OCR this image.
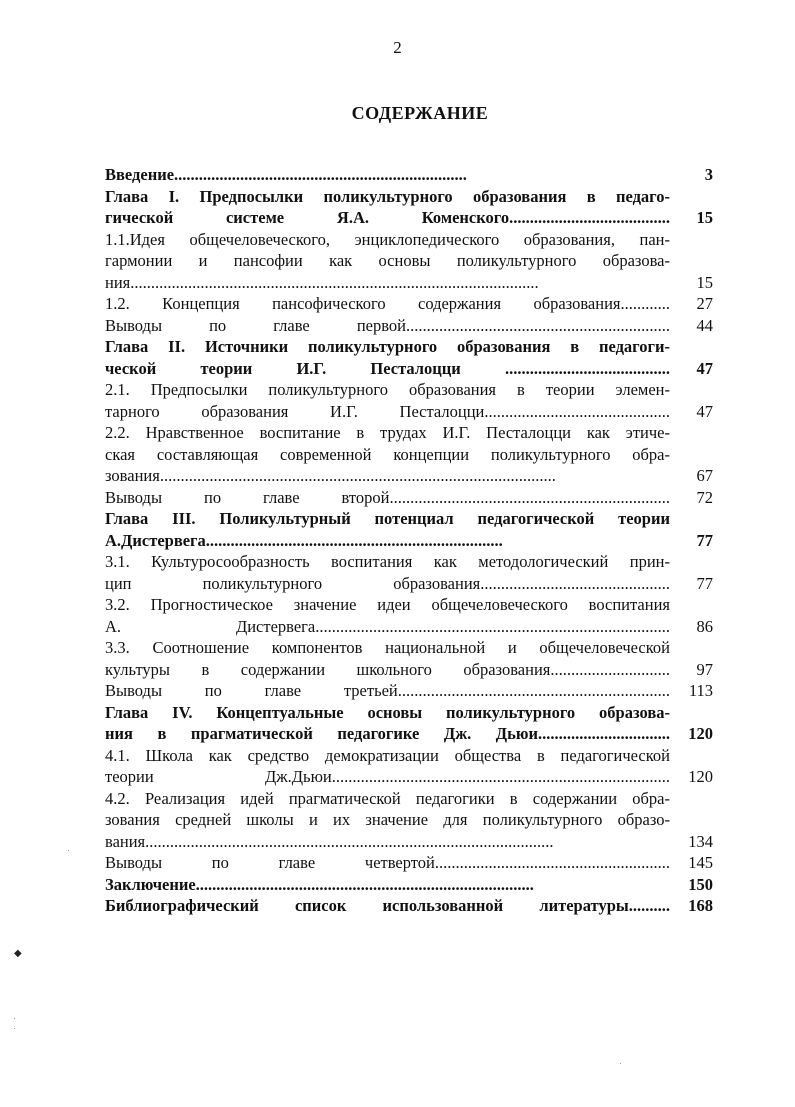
2
СОДЕРЖАНИЕ
Введение.......................................................................	3
Глава I. Предпосылки поликультурного образования в педаго-
гической системе Я.А. Коменского.......................................	15
1.1.Идея общечеловеческого, энциклопедического образования, пан-
гармонии и пансофии как основы поликультурного образова-
ния...................................................................................................	15
1.2. Концепция пансофического содержания образования............	27
Выводы по главе первой................................................................	44
Глава II. Источники поликультурного образования в педагоги-
ческой теории И.Г. Песталоцци ........................................	47
2.1. Предпосылки поликультурного образования в теории элемен-
тарного образования И.Г. Песталоцци.............................................	47
2.2. Нравственное воспитание в трудах И.Г. Песталоцци как этиче-
ская составляющая современной концепции поликультурного обра-
зования................................................................................................	67
Выводы по главе второй....................................................................	72
Глава III. Поликультурный потенциал педагогической теории
А.Дистервега........................................................................	77
3.1. Культуросообразность воспитания как методологический прин-
цип поликультурного образования..............................................	77
3.2. Прогностическое значение идеи общечеловеческого воспитания
А. Дистервега......................................................................................	86
3.3. Соотношение компонентов национальной и общечеловеческой
культуры в содержании школьного образования.............................	97
Выводы по главе третьей..................................................................	113
Глава IV. Концептуальные основы поликультурного образова-
ния в прагматической педагогике Дж. Дьюи................................	120
4.1. Школа как средство демократизации общества в педагогической
теории Дж.Дьюи..................................................................................	120
4.2. Реализация идей прагматической педагогики в содержании обра-
зования средней школы и их значение для поликультурного образо-
вания...................................................................................................	134
Выводы по главе четвертой.........................................................	145
Заключение..................................................................................	150
Библиографический список использованной литературы..........	168
◆
